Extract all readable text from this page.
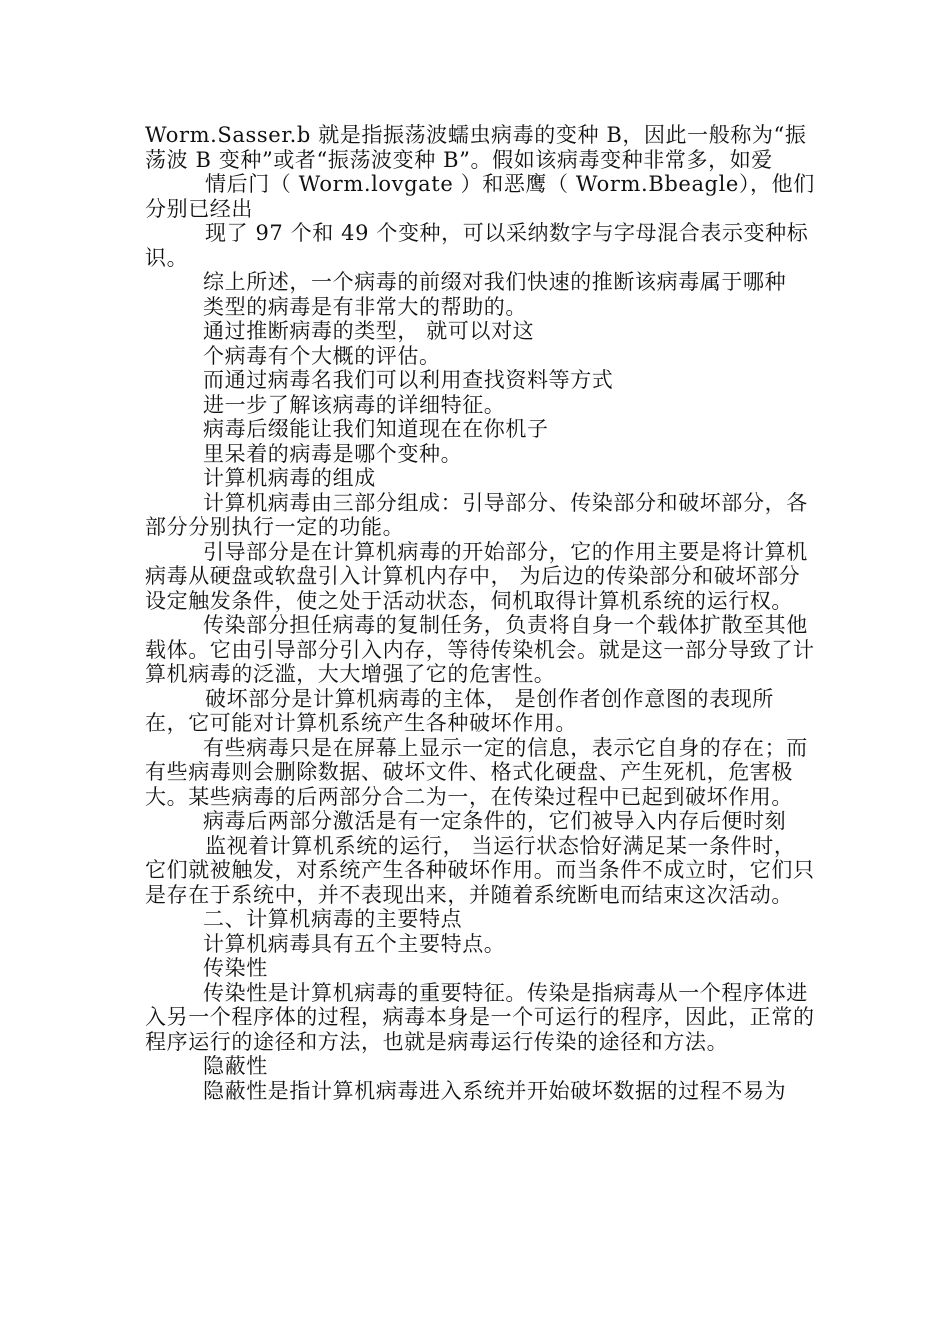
Worm.Sasser.b 就是指振荡波蠕虫病毒的变种 B，因此一般称为“振荡波 B 变种”或者“振荡波变种 B”。假如该病毒变种非常多，如爱

情后门（ Worm.lovgate ）和恶鹰（ Worm.Bbeagle），他们分别已经出

现了 97 个和 49 个变种，可以采纳数字与字母混合表示变种标识。

综上所述，一个病毒的前缀对我们快速的推断该病毒属于哪种

类型的病毒是有非常大的帮助的。

通过推断病毒的类型， 就可以对这

个病毒有个大概的评估。

而通过病毒名我们可以利用查找资料等方式

进一步了解该病毒的详细特征。

病毒后缀能让我们知道现在在你机子

里呆着的病毒是哪个变种。

计算机病毒的组成

计算机病毒由三部分组成：引导部分、传染部分和破坏部分，各部分分别执行一定的功能。

引导部分是在计算机病毒的开始部分，它的作用主要是将计算机病毒从硬盘或软盘引入计算机内存中， 为后边的传染部分和破坏部分设定触发条件，使之处于活动状态，伺机取得计算机系统的运行权。

传染部分担任病毒的复制任务，负责将自身一个载体扩散至其他载体。它由引导部分引入内存，等待传染机会。就是这一部分导致了计算机病毒的泛滥，大大增强了它的危害性。

破坏部分是计算机病毒的主体， 是创作者创作意图的表现所在，它可能对计算机系统产生各种破坏作用。

有些病毒只是在屏幕上显示一定的信息，表示它自身的存在；而有些病毒则会删除数据、破坏文件、格式化硬盘、产生死机，危害极大。某些病毒的后两部分合二为一，在传染过程中已起到破坏作用。

病毒后两部分激活是有一定条件的，它们被导入内存后便时刻

监视着计算机系统的运行， 当运行状态恰好满足某一条件时， 它们就被触发，对系统产生各种破坏作用。而当条件不成立时，它们只是存在于系统中，并不表现出来，并随着系统断电而结束这次活动。

二、计算机病毒的主要特点

计算机病毒具有五个主要特点。

传染性

传染性是计算机病毒的重要特征。传染是指病毒从一个程序体进入另一个程序体的过程，病毒本身是一个可运行的程序，因此，正常的程序运行的途径和方法，也就是病毒运行传染的途径和方法。

隐蔽性

隐蔽性是指计算机病毒进入系统并开始破坏数据的过程不易为
